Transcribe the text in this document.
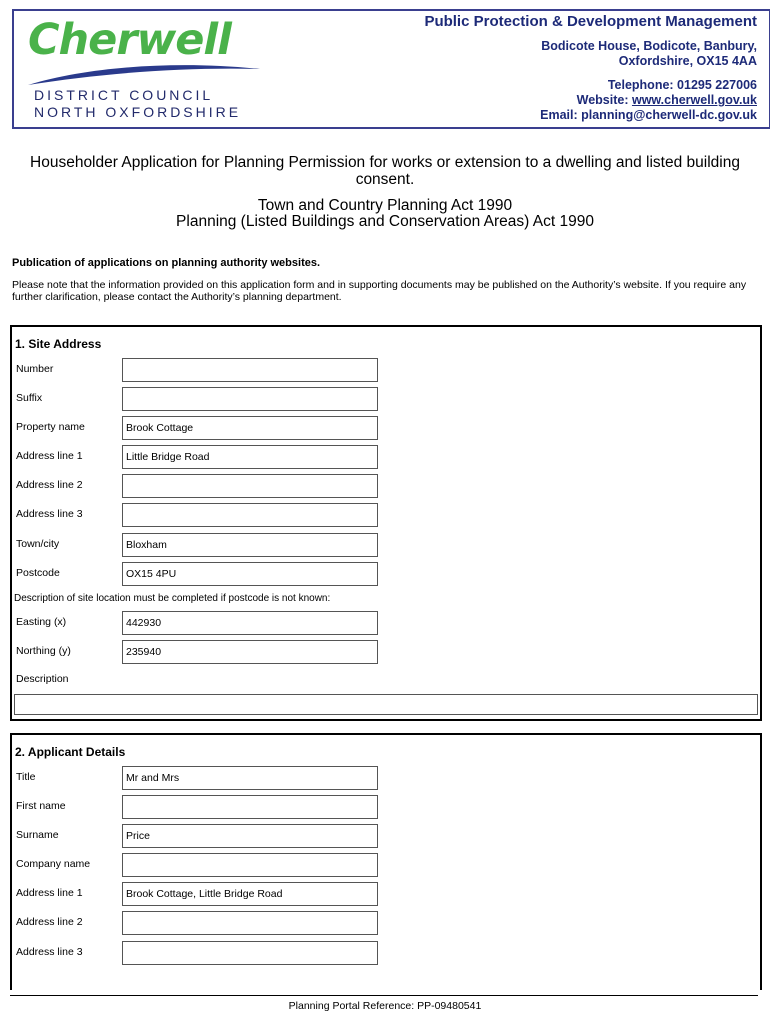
Cherwell
DISTRICT COUNCIL
NORTH OXFORDSHIRE
Public Protection & Development Management
Bodicote House, Bodicote, Banbury,
Oxfordshire, OX15 4AA
Telephone: 01295 227006
Website: www.cherwell.gov.uk
Email: planning@cherwell-dc.gov.uk
Householder Application for Planning Permission for works or extension to a dwelling and listed building consent.
Town and Country Planning Act 1990
Planning (Listed Buildings and Conservation Areas) Act 1990
Publication of applications on planning authority websites.
Please note that the information provided on this application form and in supporting documents may be published on the Authority’s website. If you require any further clarification, please contact the Authority’s planning department.
1. Site Address
Number
Suffix
Property name	Brook Cottage
Address line 1	Little Bridge Road
Address line 2
Address line 3
Town/city	Bloxham
Postcode	OX15 4PU
Description of site location must be completed if postcode is not known:
Easting (x)	442930
Northing (y)	235940
Description
2. Applicant Details
Title	Mr and Mrs
First name
Surname	Price
Company name
Address line 1	Brook Cottage, Little Bridge Road
Address line 2
Address line 3
Planning Portal Reference: PP-09480541
